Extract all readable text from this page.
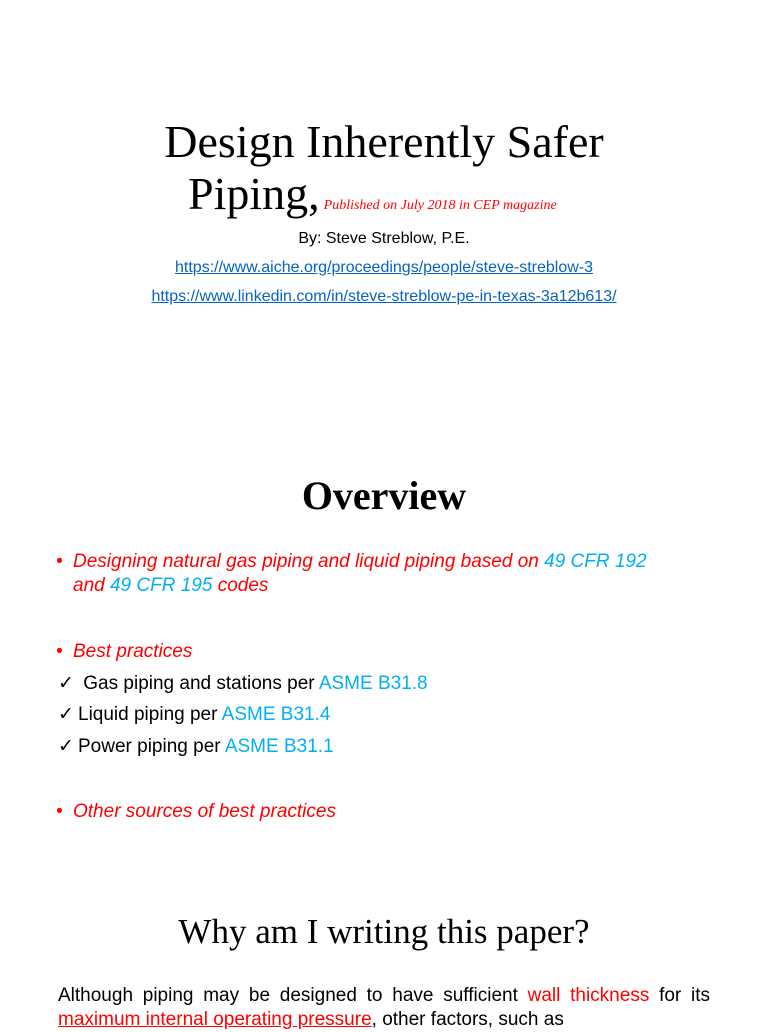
Design Inherently Safer
Piping, Published on July 2018 in CEP magazine
By: Steve Streblow, P.E.
https://www.aiche.org/proceedings/people/steve-streblow-3
https://www.linkedin.com/in/steve-streblow-pe-in-texas-3a12b613/
Overview
• Designing natural gas piping and liquid piping based on 49 CFR 192
and 49 CFR 195 codes
• Best practices
✓ Gas piping and stations per ASME B31.8
✓ Liquid piping per ASME B31.4
✓ Power piping per ASME B31.1
• Other sources of best practices
Why am I writing this paper?
Although piping may be designed to have sufficient wall thickness for its maximum internal operating pressure, other factors, such as
